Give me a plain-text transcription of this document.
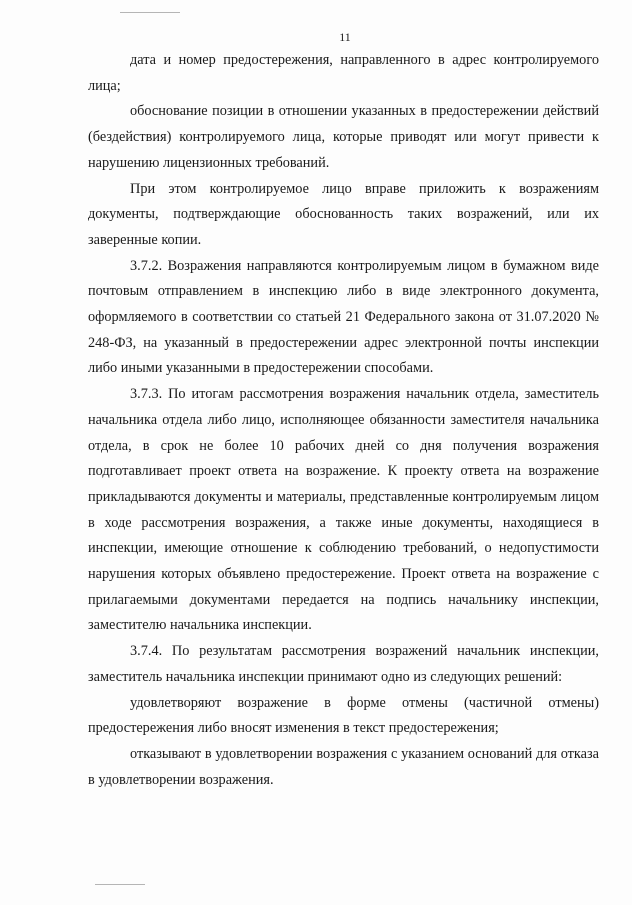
11

дата и номер предостережения, направленного в адрес контролируемого лица;

обоснование позиции в отношении указанных в предостережении действий (бездействия) контролируемого лица, которые приводят или могут привести к нарушению лицензионных требований.

При этом контролируемое лицо вправе приложить к возражениям документы, подтверждающие обоснованность таких возражений, или их заверенные копии.

3.7.2. Возражения направляются контролируемым лицом в бумажном виде почтовым отправлением в инспекцию либо в виде электронного документа, оформляемого в соответствии со статьей 21 Федерального закона от 31.07.2020 № 248-ФЗ, на указанный в предостережении адрес электронной почты инспекции либо иными указанными в предостережении способами.

3.7.3. По итогам рассмотрения возражения начальник отдела, заместитель начальника отдела либо лицо, исполняющее обязанности заместителя начальника отдела, в срок не более 10 рабочих дней со дня получения возражения подготавливает проект ответа на возражение. К проекту ответа на возражение прикладываются документы и материалы, представленные контролируемым лицом в ходе рассмотрения возражения, а также иные документы, находящиеся в инспекции, имеющие отношение к соблюдению требований, о недопустимости нарушения которых объявлено предостережение. Проект ответа на возражение с прилагаемыми документами передается на подпись начальнику инспекции, заместителю начальника инспекции.

3.7.4. По результатам рассмотрения возражений начальник инспекции, заместитель начальника инспекции принимают одно из следующих решений:

удовлетворяют возражение в форме отмены (частичной отмены) предостережения либо вносят изменения в текст предостережения;

отказывают в удовлетворении возражения с указанием оснований для отказа в удовлетворении возражения.
